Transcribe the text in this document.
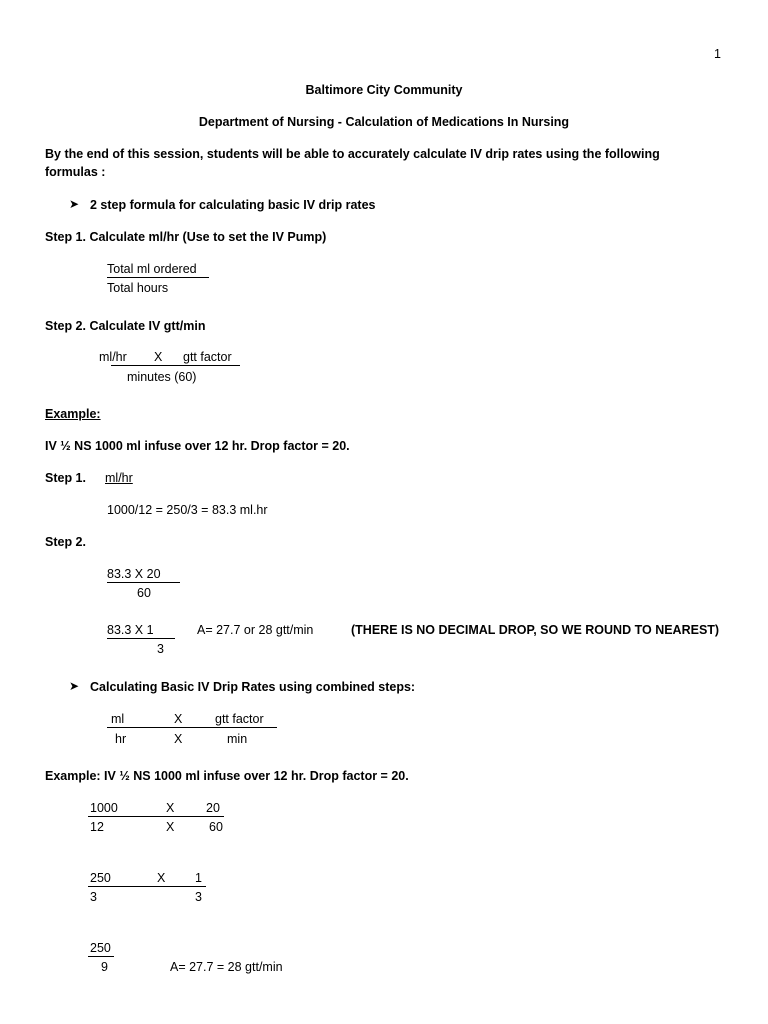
1
Baltimore City Community
Department of Nursing - Calculation of Medications In Nursing
By the end of this session, students will be able to accurately calculate IV drip rates using the following
formulas :
➤ 2 step formula for calculating basic IV drip rates
Step 1. Calculate ml/hr (Use to set the IV Pump)
Total ml ordered
Total hours
Step 2. Calculate IV gtt/min
ml/hr X gtt factor
minutes (60)
Example:
IV ½ NS 1000 ml infuse over 12 hr. Drop factor = 20.
Step 1. ml/hr
1000/12 = 250/3 = 83.3 ml.hr
Step 2.
83.3 X 20
60
83.3 X 1
3
A= 27.7 or 28 gtt/min	(THERE IS NO DECIMAL DROP, SO WE ROUND TO NEAREST)
➤ Calculating Basic IV Drip Rates using combined steps:
ml	X	gtt factor
hr	X	min
Example: IV ½ NS 1000 ml infuse over 12 hr. Drop factor = 20.
1000	X	20
12	X	60
250	X 1
3	3
250
9	A= 27.7 = 28 gtt/min
